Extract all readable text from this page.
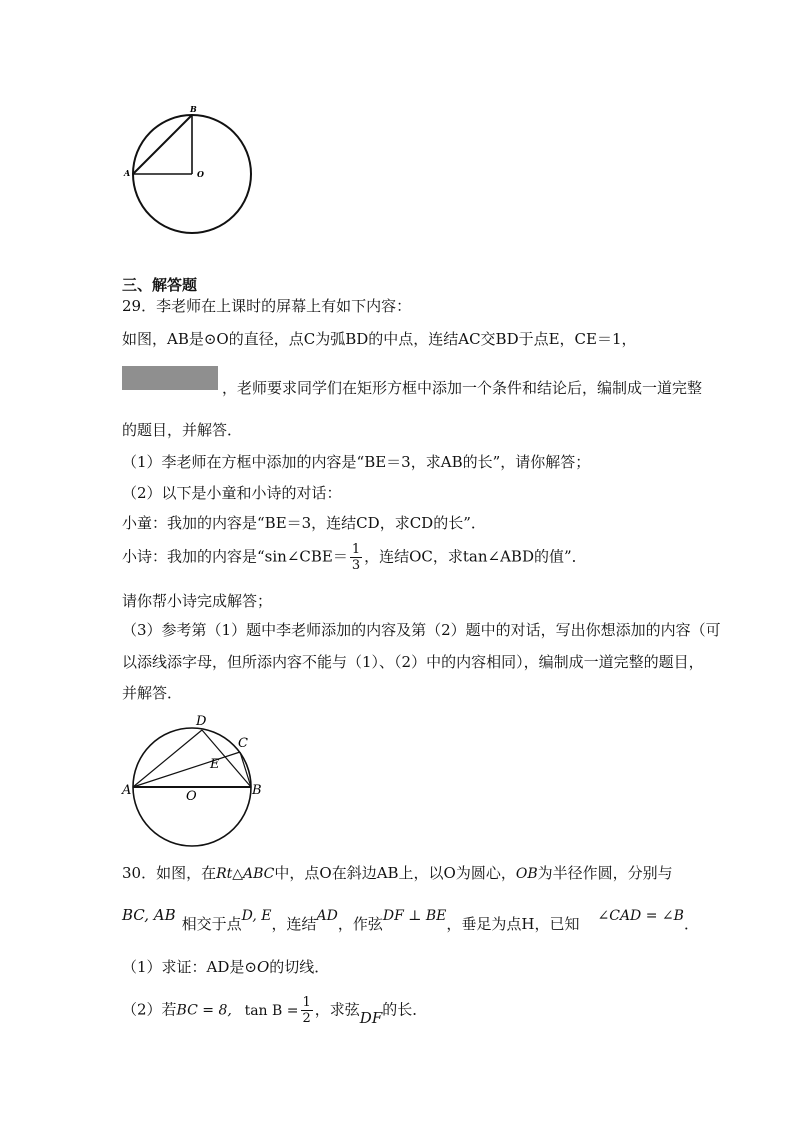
A
B
O
三、解答题
29．李老师在上课时的屏幕上有如下内容：
如图，AB是⊙O的直径，点C为弧BD的中点，连结AC交BD于点E，CE＝1，
，老师要求同学们在矩形方框中添加一个条件和结论后，编制成一道完整
的题目，并解答．
（1）李老师在方框中添加的内容是“BE＝3，求AB的长”，请你解答；
（2）以下是小童和小诗的对话：
小童：我加的内容是“BE＝3，连结CD，求CD的长”．
小诗：我加的内容是“sin∠CBE＝ $\frac{1}{3}$ ，连结OC，求tan∠ABD的值”．
请你帮小诗完成解答；
（3）参考第（1）题中李老师添加的内容及第（2）题中的对话，写出你想添加的内容（可
以添线添字母，但所添内容不能与（1）、（2）中的内容相同），编制成一道完整的题目，
并解答．
D
C
E
A	O	B
30．如图，在Rt△ABC中，点O在斜边AB上，以O为圆心，OB为半径作圆，分别与
BC, AB 相交于点D, E，连结AD，作弦DF ⊥ BE，垂足为点H，已知 ∠CAD = ∠B．
（1）求证：AD是⊙O的切线．
（2）若BC = 8, $\tan B = \frac{1}{2}$ ，求弦DF的长．
